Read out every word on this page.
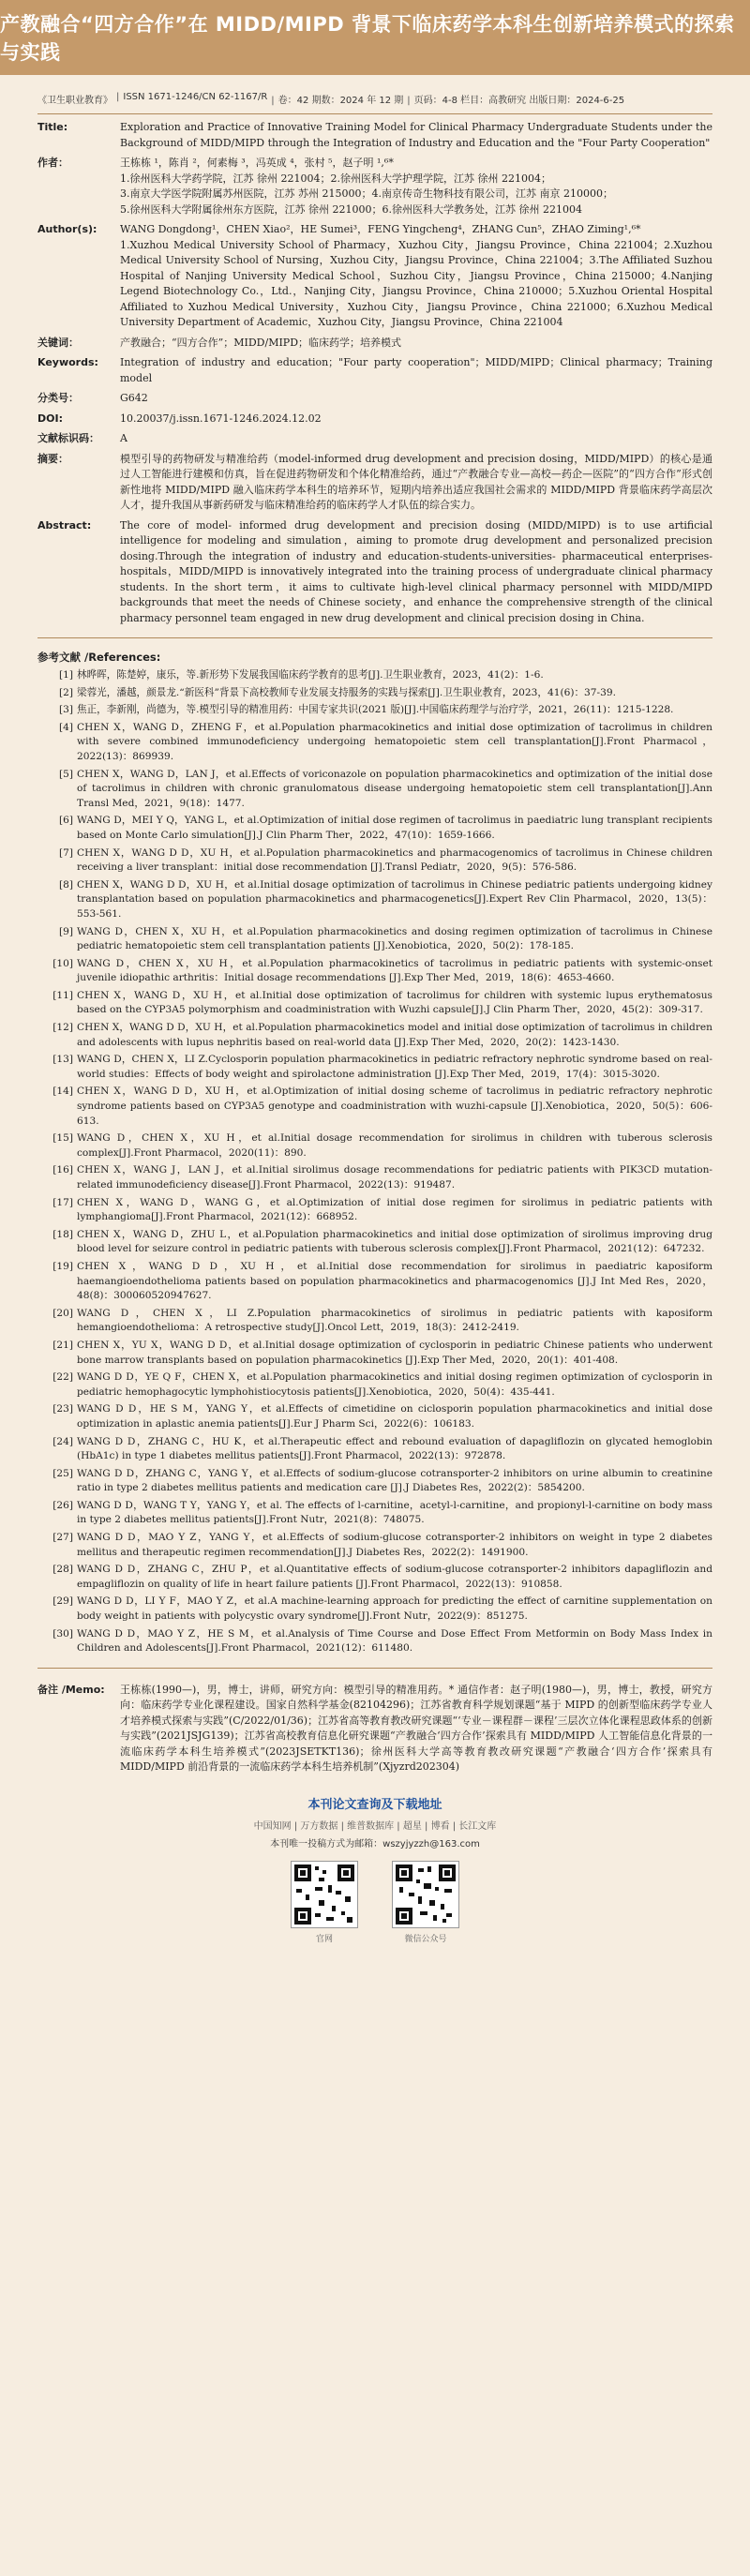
产教融合“四方合作”在 MIDD/MIPD 背景下临床药学本科生创新培养模式的探索与实践
《卫生职业教育》	| ISSN 1671-1246/CN 62-1167/R	| 卷：42 期数：2024 年 12 期	| 页码：4-8 栏目：高教研究 出版日期：2024-6-25
Title:	Exploration and Practice of Innovative Training Model for Clinical Pharmacy Undergraduate Students under the Background of MIDD/MIPD through the Integration of Industry and Education and the "Four Party Cooperation"
作者：	王栋栋 ¹，陈肖 ²，何素梅 ³，冯英成 ⁴，张村 ⁵，赵子明 ¹,⁶*

1.徐州医科大学药学院，江苏 徐州 221004；2.徐州医科大学护理学院，江苏 徐州 221004；

3.南京大学医学院附属苏州医院，江苏 苏州 215000；4.南京传奇生物科技有限公司，江苏 南京 210000；

5.徐州医科大学附属徐州东方医院，江苏 徐州 221000；6.徐州医科大学教务处，江苏 徐州 221004

Author(s):	WANG Dongdong¹，CHEN Xiao²，HE Sumei³，FENG Yingcheng⁴，ZHANG Cun⁵，ZHAO Ziming¹,⁶*

1.Xuzhou Medical University School of Pharmacy，Xuzhou City，Jiangsu Province，China 221004；2.Xuzhou Medical University School of Nursing，Xuzhou City，Jiangsu Province，China 221004；3.The Affiliated Suzhou Hospital of Nanjing University Medical School，Suzhou City，Jiangsu Province，China 215000；4.Nanjing Legend Biotechnology Co.，Ltd.，Nanjing City，Jiangsu Province，China 210000；5.Xuzhou Oriental Hospital Affiliated to Xuzhou Medical University，Xuzhou City，Jiangsu Province，China 221000；6.Xuzhou Medical University Department of Academic，Xuzhou City，Jiangsu Province，China 221004

关键词：	产教融合；“四方合作”；MIDD/MIPD；临床药学；培养模式
Keywords:	Integration of industry and education；"Four party cooperation"；MIDD/MIPD；Clinical pharmacy；Training model
分类号：	G642
DOI:	10.20037/j.issn.1671-1246.2024.12.02
文献标识码：	A
摘要：	模型引导的药物研发与精准给药（model-informed drug development and precision dosing，MIDD/MIPD）的核心是通过人工智能进行建模和仿真，旨在促进药物研发和个体化精准给药，通过“产教融合专业—高校—药企—医院”的“四方合作”形式创新性地将 MIDD/MIPD 融入临床药学本科生的培养环节，短期内培养出适应我国社会需求的 MIDD/MIPD 背景临床药学高层次人才，提升我国从事新药研发与临床精准给药的临床药学人才队伍的综合实力。
Abstract:	The core of model- informed drug development and precision dosing (MIDD/MIPD) is to use artificial intelligence for modeling and simulation，aiming to promote drug development and personalized precision dosing.Through the integration of industry and education-students-universities- pharmaceutical enterprises-hospitals，MIDD/MIPD is innovatively integrated into the training process of undergraduate clinical pharmacy students. In the short term，it aims to cultivate high-level clinical pharmacy personnel with MIDD/MIPD backgrounds that meet the needs of Chinese society，and enhance the comprehensive strength of the clinical pharmacy personnel team engaged in new drug development and clinical precision dosing in China.
参考文献 /References:
[1] 林晔晖，陈楚婷，康乐，等.新形势下发展我国临床药学教育的思考[J].卫生职业教育，2023，41(2)：1-6.
[2] 梁蓉光，潘越，颜景龙.“新医科”背景下高校教师专业发展支持服务的实践与探索[J].卫生职业教育，2023，41(6)：37-39.
[3] 焦正，李新刚，尚德为，等.模型引导的精准用药：中国专家共识(2021 版)[J].中国临床药理学与治疗学，2021，26(11)：1215-1228.
[4] CHEN X，WANG D，ZHENG F，et al.Population pharmacokinetics and initial dose optimization of tacrolimus in children with severe combined immunodeficiency undergoing hematopoietic stem cell transplantation[J].Front Pharmacol，2022(13)：869939.
[5] CHEN X，WANG D，LAN J，et al.Effects of voriconazole on population pharmacokinetics and optimization of the initial dose of tacrolimus in children with chronic granulomatous disease undergoing hematopoietic stem cell transplantation[J].Ann Transl Med，2021，9(18)：1477.
[6] WANG D，MEI Y Q，YANG L，et al.Optimization of initial dose regimen of tacrolimus in paediatric lung transplant recipients based on Monte Carlo simulation[J].J Clin Pharm Ther，2022，47(10)：1659-1666.
[7] CHEN X，WANG D D，XU H，et al.Population pharmacokinetics and pharmacogenomics of tacrolimus in Chinese children receiving a liver transplant：initial dose recommendation [J].Transl Pediatr，2020，9(5)：576-586.
[8] CHEN X，WANG D D，XU H，et al.Initial dosage optimization of tacrolimus in Chinese pediatric patients undergoing kidney transplantation based on population pharmacokinetics and pharmacogenetics[J].Expert Rev Clin Pharmacol，2020，13(5)：553-561.
[9] WANG D，CHEN X，XU H，et al.Population pharmacokinetics and dosing regimen optimization of tacrolimus in Chinese pediatric hematopoietic stem cell transplantation patients [J].Xenobiotica，2020，50(2)：178-185.
[10] WANG D，CHEN X，XU H，et al.Population pharmacokinetics of tacrolimus in pediatric patients with systemic-onset juvenile idiopathic arthritis：Initial dosage recommendations [J].Exp Ther Med，2019，18(6)：4653-4660.
[11] CHEN X，WANG D，XU H，et al.Initial dose optimization of tacrolimus for children with systemic lupus erythematosus based on the CYP3A5 polymorphism and coadministration with Wuzhi capsule[J].J Clin Pharm Ther，2020，45(2)：309-317.
[12] CHEN X，WANG D D，XU H，et al.Population pharmacokinetics model and initial dose optimization of tacrolimus in children and adolescents with lupus nephritis based on real-world data [J].Exp Ther Med，2020，20(2)：1423-1430.
[13] WANG D，CHEN X，LI Z.Cyclosporin population pharmacokinetics in pediatric refractory nephrotic syndrome based on real-world studies：Effects of body weight and spirolactone administration [J].Exp Ther Med，2019，17(4)：3015-3020.
[14] CHEN X，WANG D D，XU H，et al.Optimization of initial dosing scheme of tacrolimus in pediatric refractory nephrotic syndrome patients based on CYP3A5 genotype and coadministration with wuzhi-capsule [J].Xenobiotica，2020，50(5)：606-613.
[15] WANG D，CHEN X，XU H，et al.Initial dosage recommendation for sirolimus in children with tuberous sclerosis complex[J].Front Pharmacol，2020(11)：890.
[16] CHEN X，WANG J，LAN J，et al.Initial sirolimus dosage recommendations for pediatric patients with PIK3CD mutation-related immunodeficiency disease[J].Front Pharmacol，2022(13)：919487.
[17] CHEN X，WANG D，WANG G，et al.Optimization of initial dose regimen for sirolimus in pediatric patients with lymphangioma[J].Front Pharmacol，2021(12)：668952.
[18] CHEN X，WANG D，ZHU L，et al.Population pharmacokinetics and initial dose optimization of sirolimus improving drug blood level for seizure control in pediatric patients with tuberous sclerosis complex[J].Front Pharmacol，2021(12)：647232.
[19] CHEN X，WANG D D，XU H，et al.Initial dose recommendation for sirolimus in paediatric kaposiform haemangioendothelioma patients based on population pharmacokinetics and pharmacogenomics [J].J Int Med Res，2020，48(8)：300060520947627.
[20] WANG D，CHEN X，LI Z.Population pharmacokinetics of sirolimus in pediatric patients with kaposiform hemangioendothelioma：A retrospective study[J].Oncol Lett，2019，18(3)：2412-2419.
[21] CHEN X，YU X，WANG D D，et al.Initial dosage optimization of cyclosporin in pediatric Chinese patients who underwent bone marrow transplants based on population pharmacokinetics [J].Exp Ther Med，2020，20(1)：401-408.
[22] WANG D D，YE Q F，CHEN X，et al.Population pharmacokinetics and initial dosing regimen optimization of cyclosporin in pediatric hemophagocytic lymphohistiocytosis patients[J].Xenobiotica，2020，50(4)：435-441.
[23] WANG D D，HE S M，YANG Y，et al.Effects of cimetidine on ciclosporin population pharmacokinetics and initial dose optimization in aplastic anemia patients[J].Eur J Pharm Sci，2022(6)：106183.
[24] WANG D D，ZHANG C，HU K，et al.Therapeutic effect and rebound evaluation of dapagliflozin on glycated hemoglobin (HbA1c) in type 1 diabetes mellitus patients[J].Front Pharmacol，2022(13)：972878.
[25] WANG D D，ZHANG C，YANG Y，et al.Effects of sodium-glucose cotransporter-2 inhibitors on urine albumin to creatinine ratio in type 2 diabetes mellitus patients and medication care [J].J Diabetes Res，2022(2)：5854200.
[26] WANG D D，WANG T Y，YANG Y，et al. The effects of l-carnitine，acetyl-l-carnitine，and propionyl-l-carnitine on body mass in type 2 diabetes mellitus patients[J].Front Nutr，2021(8)：748075.
[27] WANG D D，MAO Y Z，YANG Y，et al.Effects of sodium-glucose cotransporter-2 inhibitors on weight in type 2 diabetes mellitus and therapeutic regimen recommendation[J].J Diabetes Res，2022(2)：1491900.
[28] WANG D D，ZHANG C，ZHU P，et al.Quantitative effects of sodium-glucose cotransporter-2 inhibitors dapagliflozin and empagliflozin on quality of life in heart failure patients [J].Front Pharmacol，2022(13)：910858.
[29] WANG D D，LI Y F，MAO Y Z，et al.A machine-learning approach for predicting the effect of carnitine supplementation on body weight in patients with polycystic ovary syndrome[J].Front Nutr，2022(9)：851275.
[30] WANG D D，MAO Y Z，HE S M，et al.Analysis of Time Course and Dose Effect From Metformin on Body Mass Index in Children and Adolescents[J].Front Pharmacol，2021(12)：611480.
备注 /Memo:	王栋栋(1990—)，男，博士，讲师，研究方向：模型引导的精准用药。* 通信作者：赵子明(1980—)，男，博士，教授，研究方向：临床药学专业化课程建设。国家自然科学基金(82104296)；江苏省教育科学规划课题“基于 MIPD 的创新型临床药学专业人才培养模式探索与实践”(C/2022/01/36)；江苏省高等教育教改研究课题“‘专业－课程群－课程’三层次立体化课程思政体系的创新与实践”(2021JSJG139)；江苏省高校教育信息化研究课题“产教融合‘四方合作’探索具有 MIDD/MIPD 人工智能信息化背景的一流临床药学本科生培养模式”(2023JSETKT136)；徐州医科大学高等教育教改研究课题“产教融合‘四方合作’探索具有 MIDD/MIPD 前沿背景的一流临床药学本科生培养机制”(Xjyzrd202304)
本刊论文查询及下载地址
中国知网 | 万方数据 | 维普数据库 | 超星 | 博看 | 长江文库
本刊唯一投稿方式为邮箱：wszyjyzzh@163.com
官网	微信公众号
